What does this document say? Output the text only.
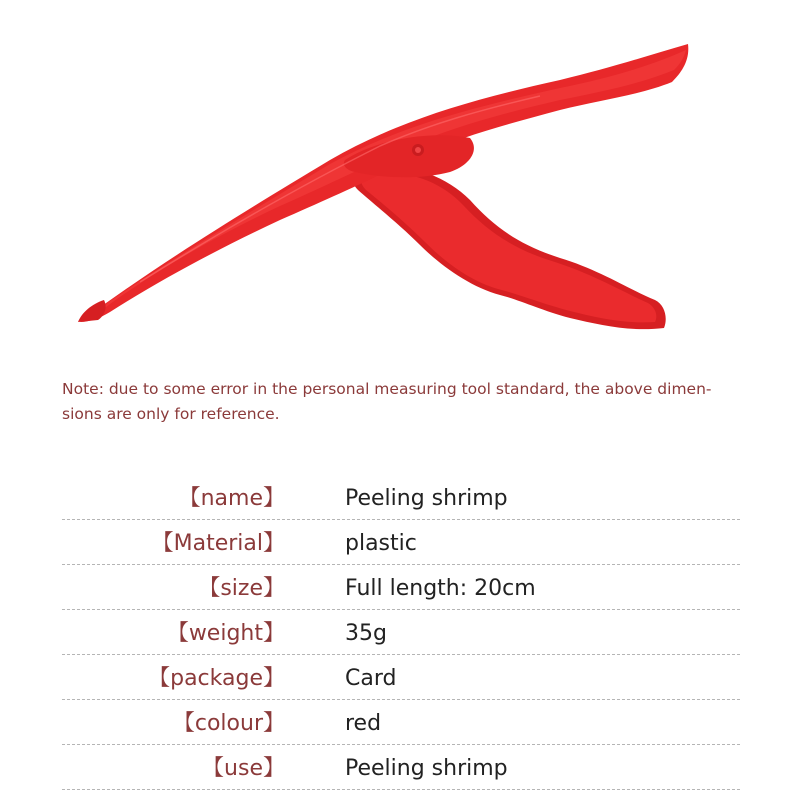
Note: due to some error in the personal measuring tool standard, the above dimen-
sions are only for reference.

【name】	Peeling shrimp
【Material】	plastic
【size】	Full length: 20cm
【weight】	35g
【package】	Card
【colour】	red
【use】	Peeling shrimp
